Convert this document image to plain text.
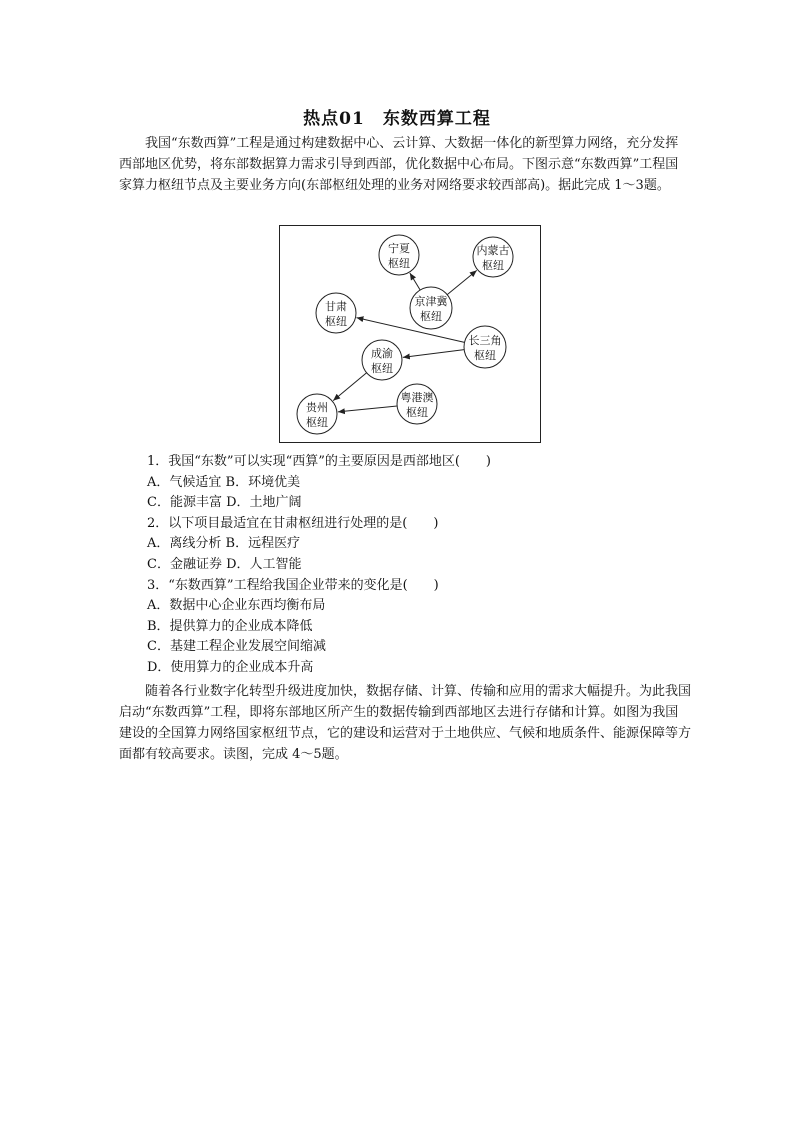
热点01　东数西算工程

我国“东数西算”工程是通过构建数据中心、云计算、大数据一体化的新型算力网络，充分发挥西部地区优势，将东部数据算力需求引导到西部，优化数据中心布局。下图示意“东数西算”工程国家算力枢纽节点及主要业务方向(东部枢纽处理的业务对网络要求较西部高)。据此完成 1～3题。

宁夏
枢纽
内蒙古
枢纽
京津冀
枢纽
甘肃
枢纽
长三角
枢纽
成渝
枢纽
粤港澳
枢纽
贵州
枢纽
1．我国“东数”可以实现“西算”的主要原因是西部地区(　　)
A．气候适宜 B．环境优美
C．能源丰富 D．土地广阔
2．以下项目最适宜在甘肃枢纽进行处理的是(　　)
A．离线分析 B．远程医疗
C．金融证券 D．人工智能
3．“东数西算”工程给我国企业带来的变化是(　　)
A．数据中心企业东西均衡布局
B．提供算力的企业成本降低
C．基建工程企业发展空间缩减
D．使用算力的企业成本升高

随着各行业数字化转型升级进度加快，数据存储、计算、传输和应用的需求大幅提升。为此我国启动“东数西算”工程，即将东部地区所产生的数据传输到西部地区去进行存储和计算。如图为我国建设的全国算力网络国家枢纽节点，它的建设和运营对于土地供应、气候和地质条件、能源保障等方面都有较高要求。读图，完成 4～5题。
